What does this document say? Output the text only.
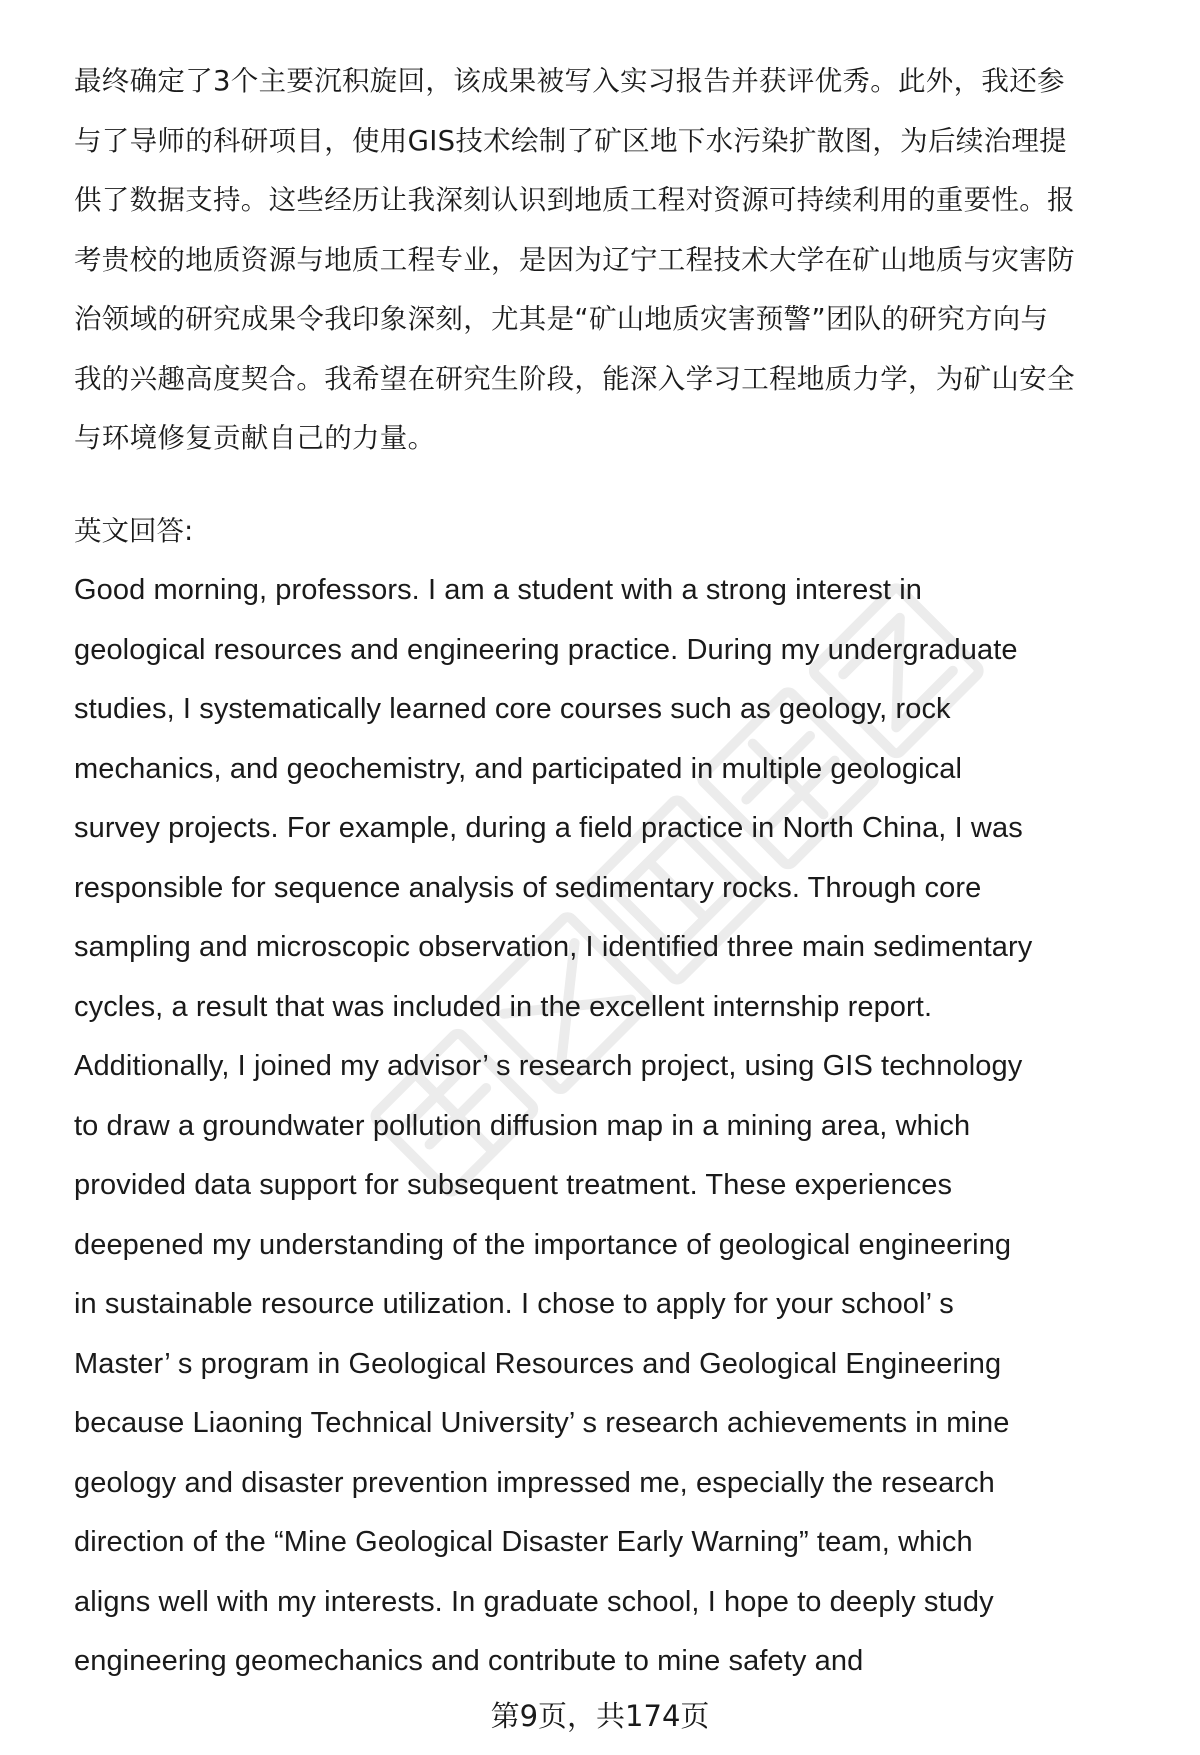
最终确定了3个主要沉积旋回，该成果被写入实习报告并获评优秀。此外，我还参

与了导师的科研项目，使用GIS技术绘制了矿区地下水污染扩散图，为后续治理提

供了数据支持。这些经历让我深刻认识到地质工程对资源可持续利用的重要性。报

考贵校的地质资源与地质工程专业，是因为辽宁工程技术大学在矿山地质与灾害防

治领域的研究成果令我印象深刻，尤其是“矿山地质灾害预警”团队的研究方向与

我的兴趣高度契合。我希望在研究生阶段，能深入学习工程地质力学，为矿山安全

与环境修复贡献自己的力量。

英文回答:

Good morning, professors. I am a student with a strong interest in

geological resources and engineering practice. During my undergraduate

studies, I systematically learned core courses such as geology, rock

mechanics, and geochemistry, and participated in multiple geological

survey projects. For example, during a field practice in North China, I was

responsible for sequence analysis of sedimentary rocks. Through core

sampling and microscopic observation, I identified three main sedimentary

cycles, a result that was included in the excellent internship report.

Additionally, I joined my advisor’ s research project, using GIS technology

to draw a groundwater pollution diffusion map in a mining area, which

provided data support for subsequent treatment. These experiences

deepened my understanding of the importance of geological engineering

in sustainable resource utilization. I chose to apply for your school’ s

Master’ s program in Geological Resources and Geological Engineering

because Liaoning Technical University’ s research achievements in mine

geology and disaster prevention impressed me, especially the research

direction of the “Mine Geological Disaster Early Warning” team, which

aligns well with my interests. In graduate school, I hope to deeply study

engineering geomechanics and contribute to mine safety and

第9页，共174页
